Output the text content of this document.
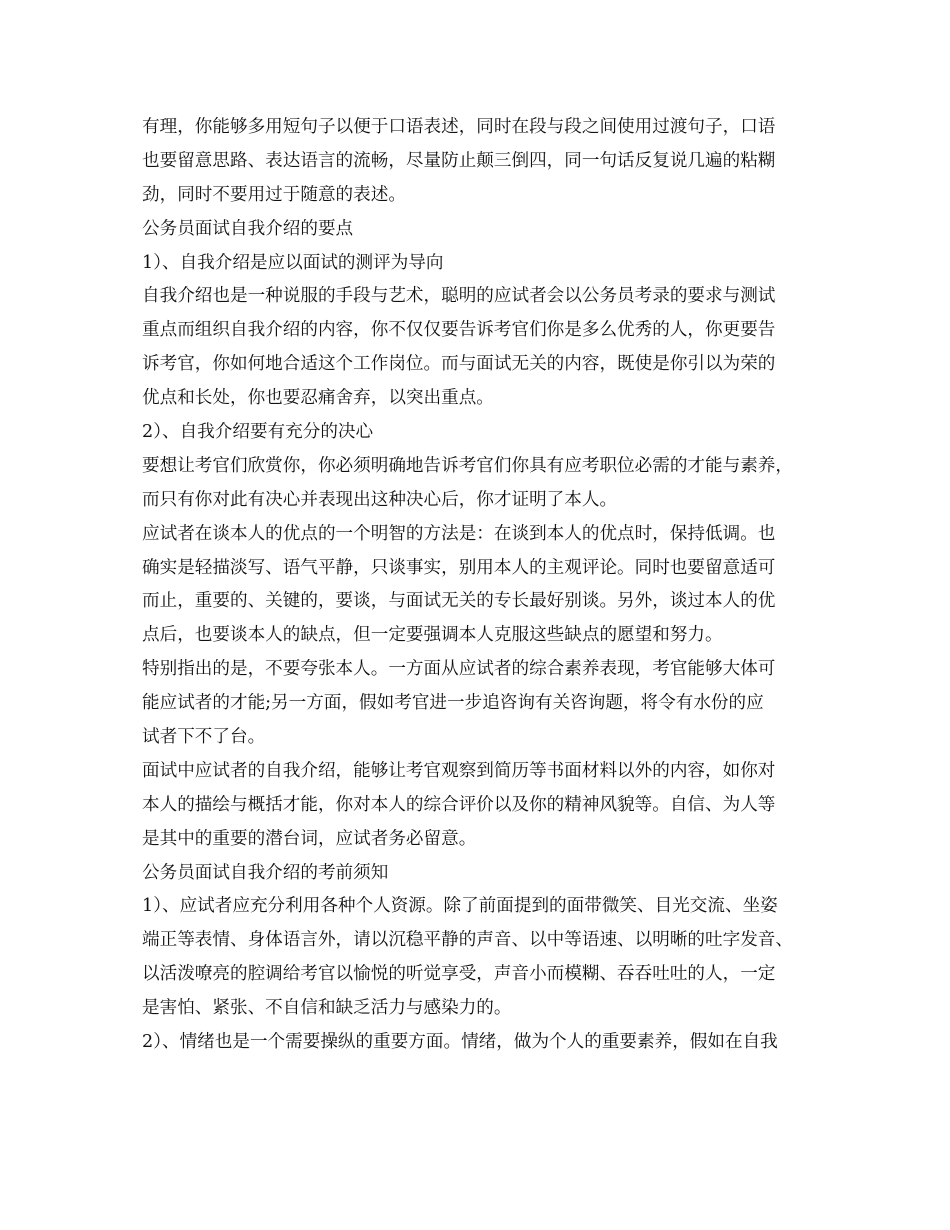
有理，你能够多用短句子以便于口语表述，同时在段与段之间使用过渡句子，口语
也要留意思路、表达语言的流畅，尽量防止颠三倒四，同一句话反复说几遍的粘糊
劲，同时不要用过于随意的表述。
公务员面试自我介绍的要点
1）、自我介绍是应以面试的测评为导向
自我介绍也是一种说服的手段与艺术，聪明的应试者会以公务员考录的要求与测试
重点而组织自我介绍的内容，你不仅仅要告诉考官们你是多么优秀的人，你更要告
诉考官，你如何地合适这个工作岗位。而与面试无关的内容，既使是你引以为荣的
优点和长处，你也要忍痛舍弃，以突出重点。
2）、自我介绍要有充分的决心
要想让考官们欣赏你，你必须明确地告诉考官们你具有应考职位必需的才能与素养，
而只有你对此有决心并表现出这种决心后，你才证明了本人。
应试者在谈本人的优点的一个明智的方法是：在谈到本人的优点时，保持低调。也
确实是轻描淡写、语气平静，只谈事实，别用本人的主观评论。同时也要留意适可
而止，重要的、关键的，要谈，与面试无关的专长最好别谈。另外，谈过本人的优
点后，也要谈本人的缺点，但一定要强调本人克服这些缺点的愿望和努力。
特别指出的是，不要夸张本人。一方面从应试者的综合素养表现，考官能够大体可
能应试者的才能;另一方面，假如考官进一步追咨询有关咨询题，将令有水份的应
试者下不了台。
面试中应试者的自我介绍，能够让考官观察到简历等书面材料以外的内容，如你对
本人的描绘与概括才能，你对本人的综合评价以及你的精神风貌等。自信、为人等
是其中的重要的潜台词，应试者务必留意。
公务员面试自我介绍的考前须知
1）、应试者应充分利用各种个人资源。除了前面提到的面带微笑、目光交流、坐姿
端正等表情、身体语言外，请以沉稳平静的声音、以中等语速、以明晰的吐字发音、
以活泼嘹亮的腔调给考官以愉悦的听觉享受，声音小而模糊、吞吞吐吐的人，一定
是害怕、紧张、不自信和缺乏活力与感染力的。
2）、情绪也是一个需要操纵的重要方面。情绪，做为个人的重要素养，假如在自我
